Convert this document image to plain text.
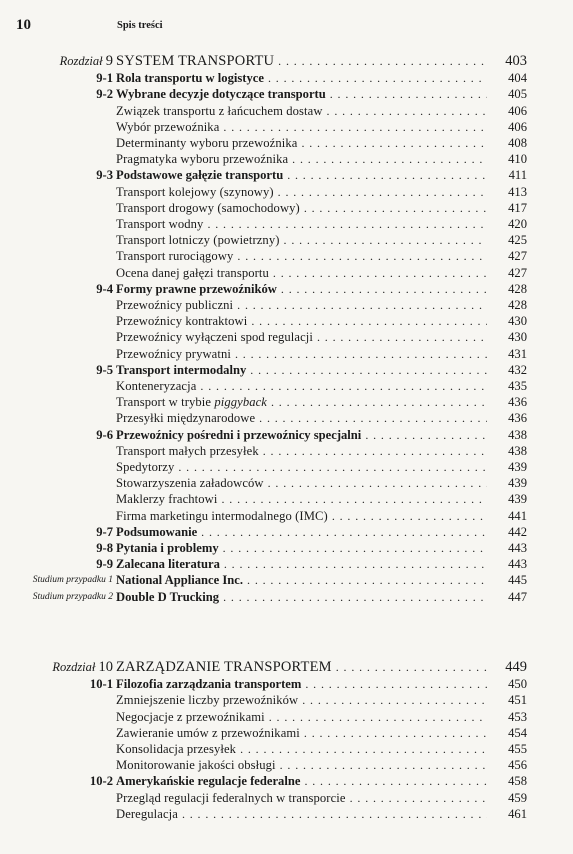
10	Spis treści
Rozdział 9 SYSTEM TRANSPORTU . . .	403
9-1 Rola transportu w logistyce . . .	404
9-2 Wybrane decyzje dotyczące transportu . . .	405
Związek transportu z łańcuchem dostaw . . .	406
Wybór przewoźnika . . .	406
Determinanty wyboru przewoźnika . . .	408
Pragmatyka wyboru przewoźnika . . .	410
9-3 Podstawowe gałęzie transportu . . .	411
Transport kolejowy (szynowy) . . .	413
Transport drogowy (samochodowy) . . .	417
Transport wodny . . .	420
Transport lotniczy (powietrzny) . . .	425
Transport rurociągowy . . .	427
Ocena danej gałęzi transportu . . .	427
9-4 Formy prawne przewoźników . . .	428
Przewoźnicy publiczni . . .	428
Przewoźnicy kontraktowi . . .	430
Przewoźnicy wyłączeni spod regulacji . . .	430
Przewoźnicy prywatni . . .	431
9-5 Transport intermodalny . . .	432
Konteneryzacja . . .	435
Transport w trybie piggyback . . .	436
Przesyłki międzynarodowe . . .	436
9-6 Przewoźnicy pośredni i przewoźnicy specjalni . . .	438
Transport małych przesyłek . . .	438
Spedytorzy . . .	439
Stowarzyszenia załadowców . . .	439
Maklerzy frachtowi . . .	439
Firma marketingu intermodalnego (IMC) . . .	441
9-7 Podsumowanie . . .	442
9-8 Pytania i problemy . . .	443
9-9 Zalecana literatura . . .	443
Studium przypadku 1 National Appliance Inc. . . .	445
Studium przypadku 2 Double D Trucking . . .	447
Rozdział 10 ZARZĄDZANIE TRANSPORTEM . . .	449
10-1 Filozofia zarządzania transportem . . .	450
Zmniejszenie liczby przewoźników . . .	451
Negocjacje z przewoźnikami . . .	453
Zawieranie umów z przewoźnikami . . .	454
Konsolidacja przesyłek . . .	455
Monitorowanie jakości obsługi . . .	456
10-2 Amerykańskie regulacje federalne . . .	458
Przegląd regulacji federalnych w transporcie . . .	459
Deregulacja . . .	461
